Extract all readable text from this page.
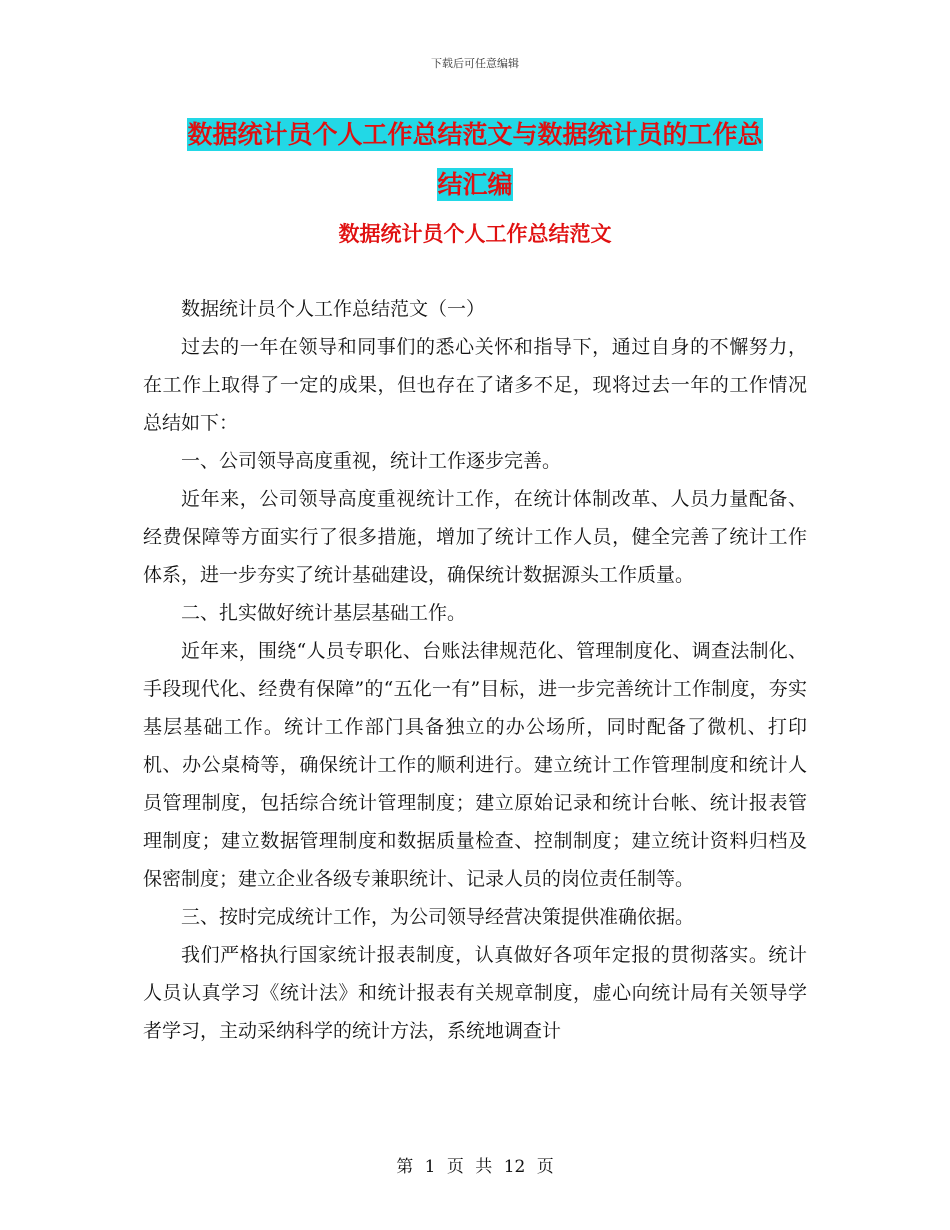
下载后可任意编辑
数据统计员个人工作总结范文与数据统计员的工作总
结汇编
数据统计员个人工作总结范文

数据统计员个人工作总结范文（一）

过去的一年在领导和同事们的悉心关怀和指导下，通过自身的不懈努力，在工作上取得了一定的成果，但也存在了诸多不足，现将过去一年的工作情况总结如下：

一、公司领导高度重视，统计工作逐步完善。

近年来，公司领导高度重视统计工作，在统计体制改革、人员力量配备、经费保障等方面实行了很多措施，增加了统计工作人员，健全完善了统计工作体系，进一步夯实了统计基础建设，确保统计数据源头工作质量。

二、扎实做好统计基层基础工作。

近年来，围绕“人员专职化、台账法律规范化、管理制度化、调查法制化、手段现代化、经费有保障”的“五化一有”目标，进一步完善统计工作制度，夯实基层基础工作。统计工作部门具备独立的办公场所，同时配备了微机、打印机、办公桌椅等，确保统计工作的顺利进行。建立统计工作管理制度和统计人员管理制度，包括综合统计管理制度；建立原始记录和统计台帐、统计报表管理制度；建立数据管理制度和数据质量检查、控制制度；建立统计资料归档及保密制度；建立企业各级专兼职统计、记录人员的岗位责任制等。

三、按时完成统计工作，为公司领导经营决策提供准确依据。

我们严格执行国家统计报表制度，认真做好各项年定报的贯彻落实。统计人员认真学习《统计法》和统计报表有关规章制度，虚心向统计局有关领导学者学习，主动采纳科学的统计方法，系统地调查计

第 1 页 共 12 页
